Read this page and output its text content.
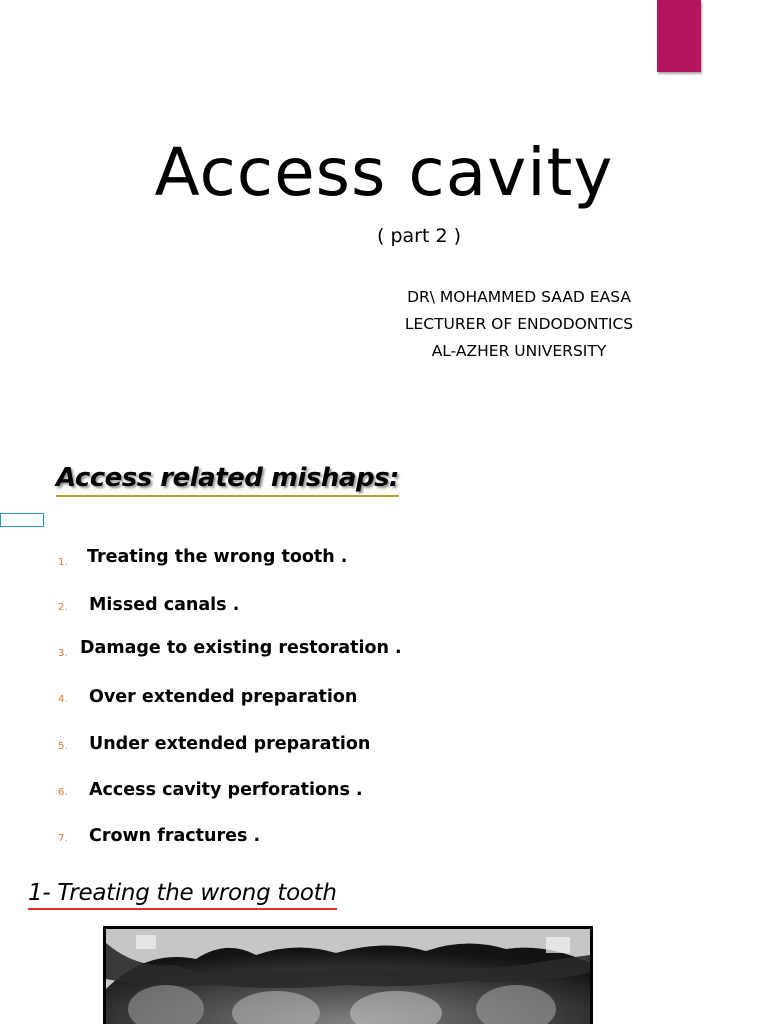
Access cavity
( part 2 )
DR\ MOHAMMED SAAD EASA
LECTURER OF ENDODONTICS
AL-AZHER UNIVERSITY
Access related mishaps:
1. Treating the wrong tooth .
2. Missed canals .
3. Damage to existing restoration .
4. Over extended preparation
5. Under extended preparation
6. Access cavity perforations .
7. Crown fractures .
1- Treating the wrong tooth
